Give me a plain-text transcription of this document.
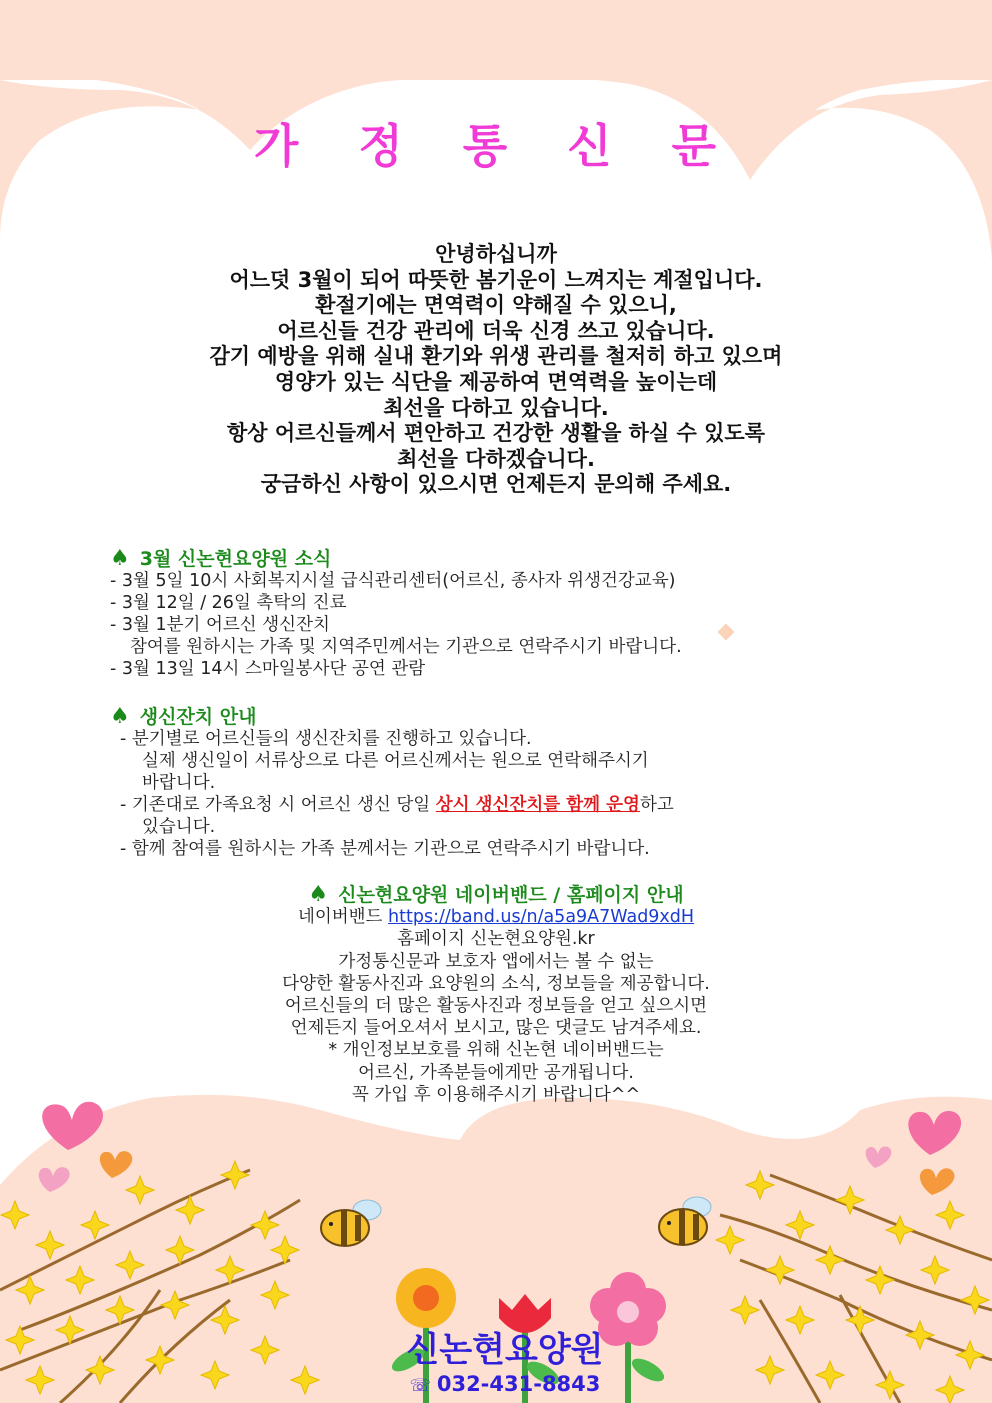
가 정 통 신 문
안녕하십니까
어느덧 3월이 되어 따뜻한 봄기운이 느껴지는 계절입니다.
환절기에는 면역력이 약해질 수 있으니,
어르신들 건강 관리에 더욱 신경 쓰고 있습니다.
감기 예방을 위해 실내 환기와 위생 관리를 철저히 하고 있으며
영양가 있는 식단을 제공하여 면역력을 높이는데
최선을 다하고 있습니다.
항상 어르신들께서 편안하고 건강한 생활을 하실 수 있도록
최선을 다하겠습니다.
궁금하신 사항이 있으시면 언제든지 문의해 주세요.
♠ 3월 신논현요양원 소식
- 3월 5일 10시 사회복지시설 급식관리센터(어르신, 종사자 위생건강교육)
- 3월 12일 / 26일 촉탁의 진료
- 3월 1분기 어르신 생신잔치
참여를 원하시는 가족 및 지역주민께서는 기관으로 연락주시기 바랍니다.
- 3월 13일 14시 스마일봉사단 공연 관람
♠ 생신잔치 안내
- 분기별로 어르신들의 생신잔치를 진행하고 있습니다.
실제 생신일이 서류상으로 다른 어르신께서는 원으로 연락해주시기
바랍니다.
- 기존대로 가족요청 시 어르신 생신 당일 상시 생신잔치를 함께 운영하고
있습니다.
- 함께 참여를 원하시는 가족 분께서는 기관으로 연락주시기 바랍니다.
♠ 신논현요양원 네이버밴드 / 홈페이지 안내
네이버밴드 https://band.us/n/a5a9A7Wad9xdH
홈페이지 신논현요양원.kr
가정통신문과 보호자 앱에서는 볼 수 없는
다양한 활동사진과 요양원의 소식, 정보들을 제공합니다.
어르신들의 더 많은 활동사진과 정보들을 얻고 싶으시면
언제든지 들어오셔서 보시고, 많은 댓글도 남겨주세요.
* 개인정보보호를 위해 신논현 네이버밴드는
어르신, 가족분들에게만 공개됩니다.
꼭 가입 후 이용해주시기 바랍니다^^
신논현요양원
☏ 032-431-8843
